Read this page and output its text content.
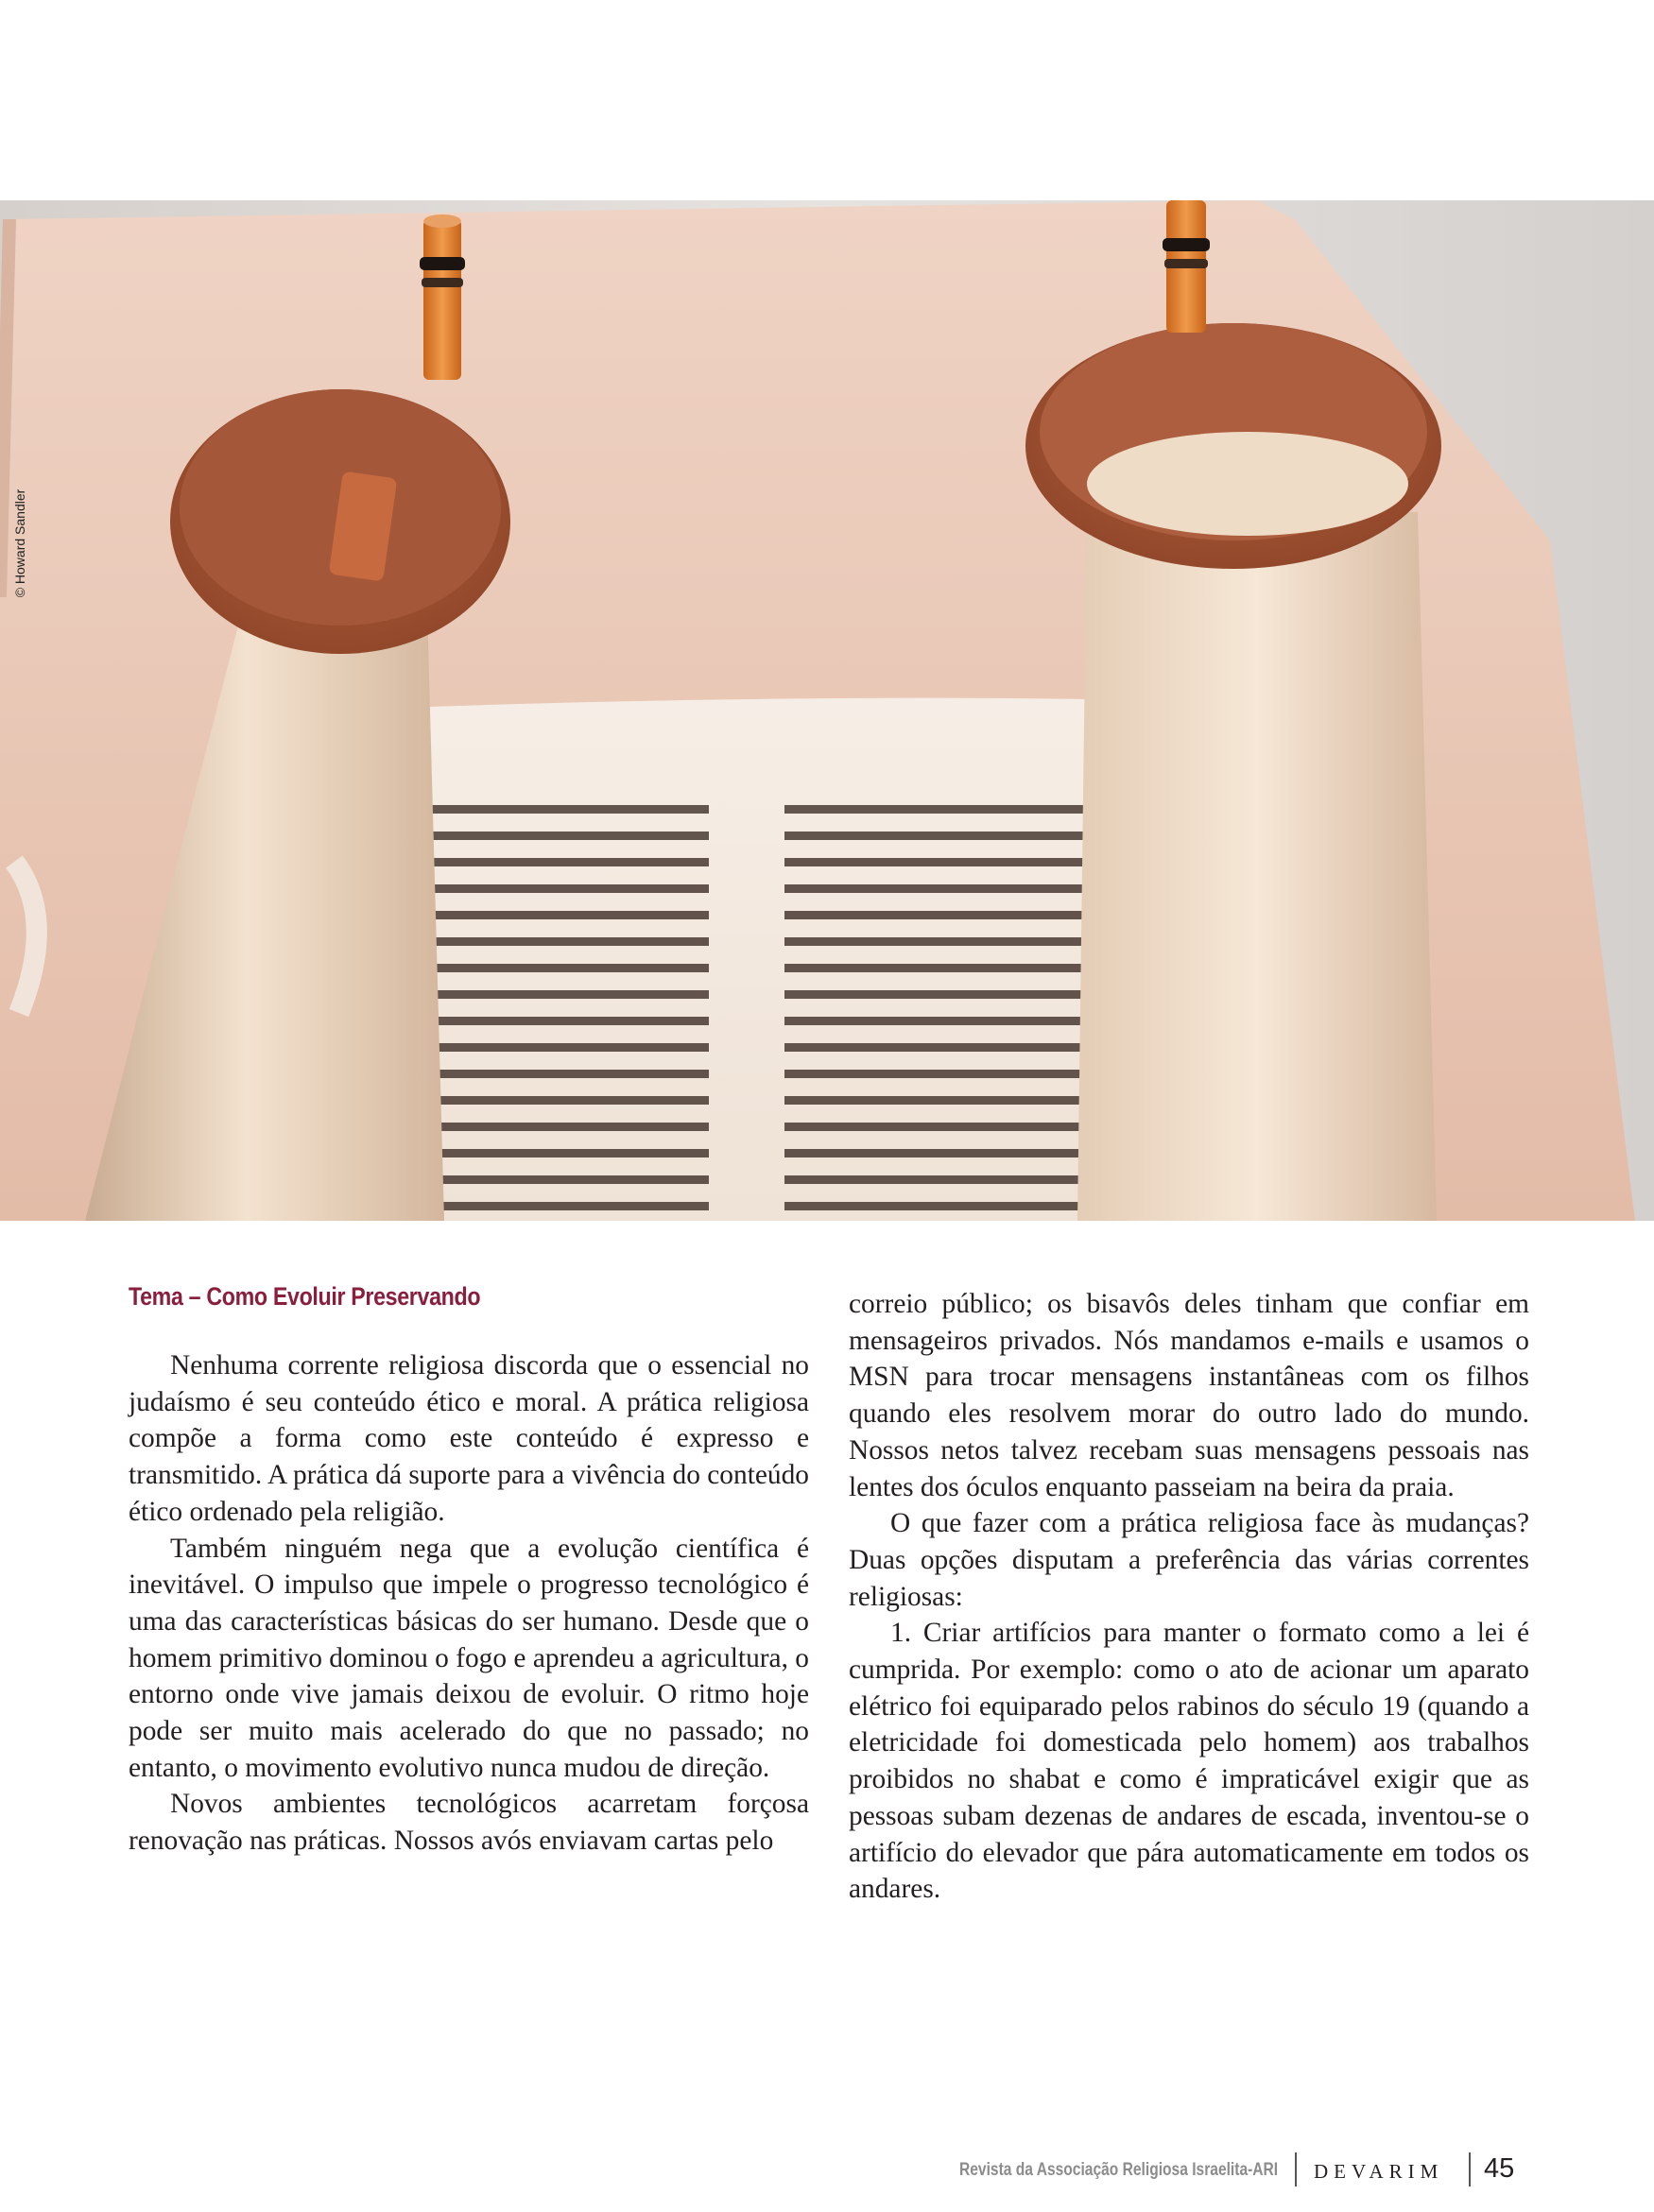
© Howard Sandler
Tema – Como Evoluir Preservando

Nenhuma corrente religiosa discorda que o essencial no judaísmo é seu conteúdo ético e moral. A prática religiosa compõe a forma como este conteúdo é expresso e transmitido. A prática dá suporte para a vivência do conteúdo ético ordenado pela religião.

Também ninguém nega que a evolução científica é inevitável. O impulso que impele o progresso tecnológico é uma das características básicas do ser humano. Desde que o homem primitivo dominou o fogo e aprendeu a agricultura, o entorno onde vive jamais deixou de evoluir. O ritmo hoje pode ser muito mais acelerado do que no passado; no entanto, o movimento evolutivo nunca mudou de direção.

Novos ambientes tecnológicos acarretam forçosa renovação nas práticas. Nossos avós enviavam cartas pelo

correio público; os bisavôs deles tinham que confiar em mensageiros privados. Nós mandamos e-mails e usamos o MSN para trocar mensagens instantâneas com os filhos quando eles resolvem morar do outro lado do mundo. Nossos netos talvez recebam suas mensagens pessoais nas lentes dos óculos enquanto passeiam na beira da praia.

O que fazer com a prática religiosa face às mudanças? Duas opções disputam a preferência das várias correntes religiosas:

1. Criar artifícios para manter o formato como a lei é cumprida. Por exemplo: como o ato de acionar um aparato elétrico foi equiparado pelos rabinos do século 19 (quando a eletricidade foi domesticada pelo homem) aos trabalhos proibidos no shabat e como é impraticável exigir que as pessoas subam dezenas de andares de escada, inventou-se o artifício do elevador que pára automaticamente em todos os andares.

Revista da Associação Religiosa Israelita-ARI DEVARIM 45
